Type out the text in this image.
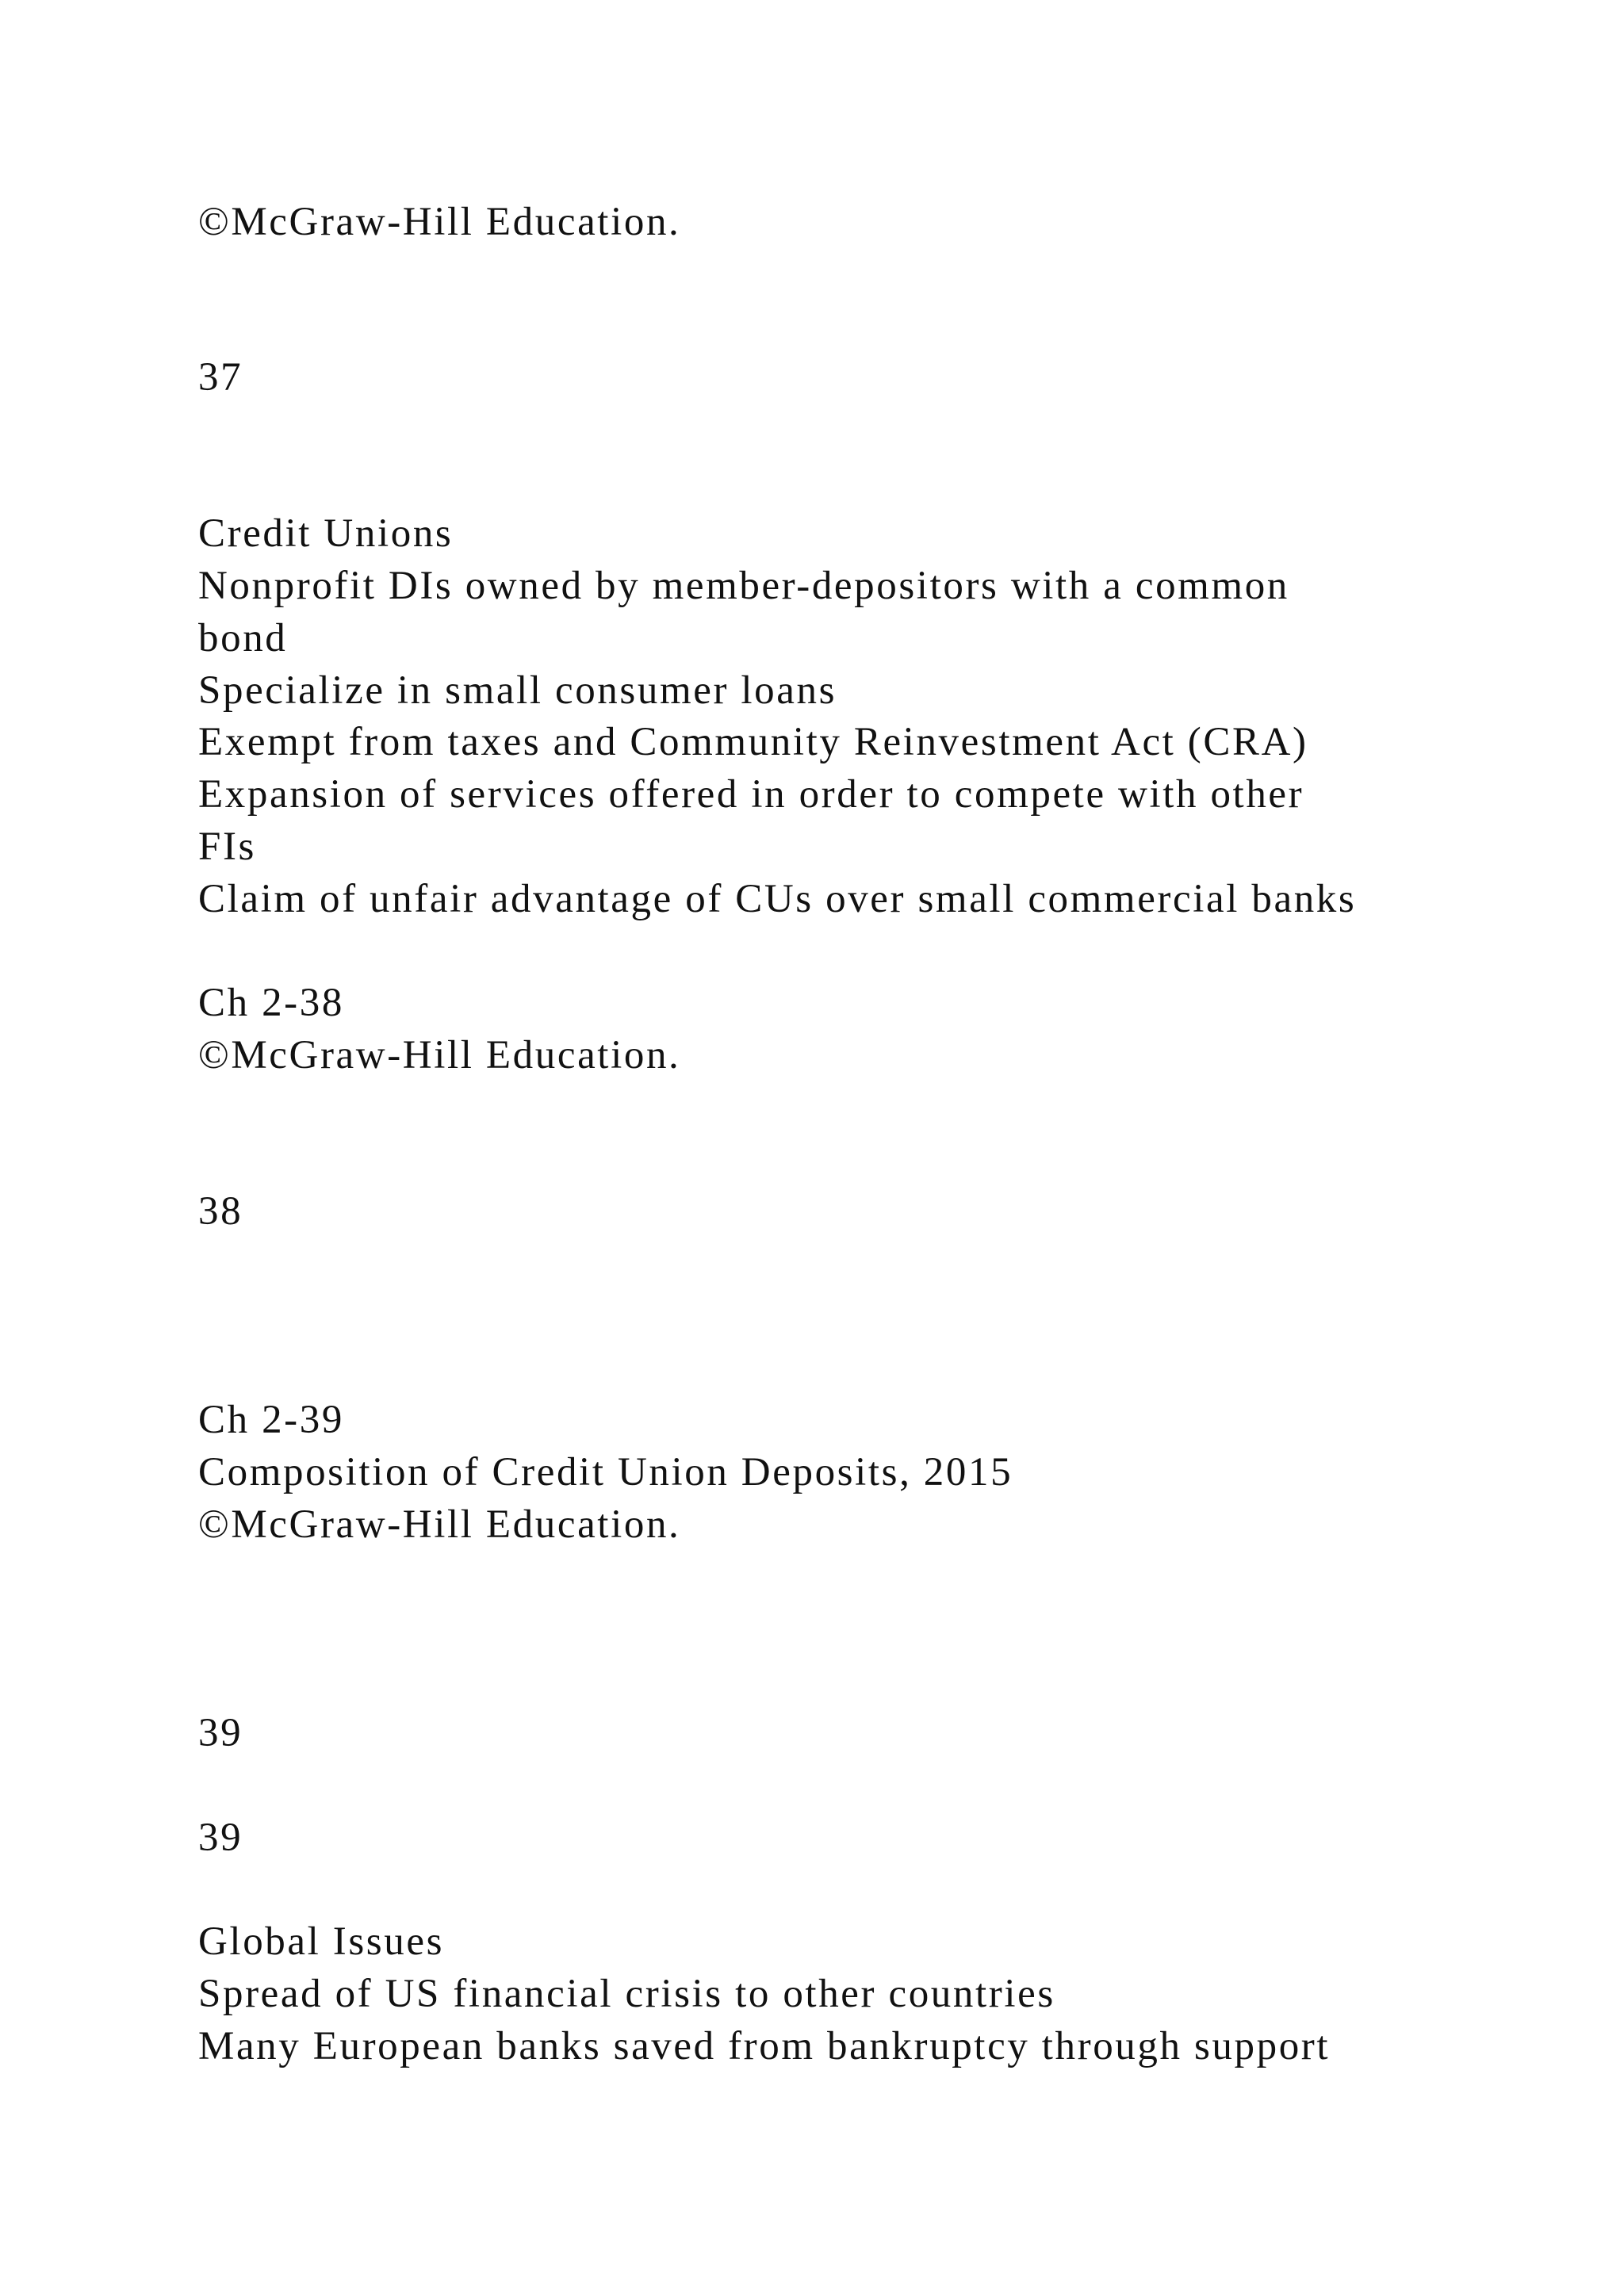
©McGraw-Hill Education.
37
Credit Unions
Nonprofit DIs owned by member-depositors with a common
bond
Specialize in small consumer loans
Exempt from taxes and Community Reinvestment Act (CRA)
Expansion of services offered in order to compete with other
FIs
Claim of unfair advantage of CUs over small commercial banks
Ch 2-38
©McGraw-Hill Education.
38
Ch 2-39
Composition of Credit Union Deposits, 2015
©McGraw-Hill Education.
39
39
Global Issues
Spread of US financial crisis to other countries
Many European banks saved from bankruptcy through support
